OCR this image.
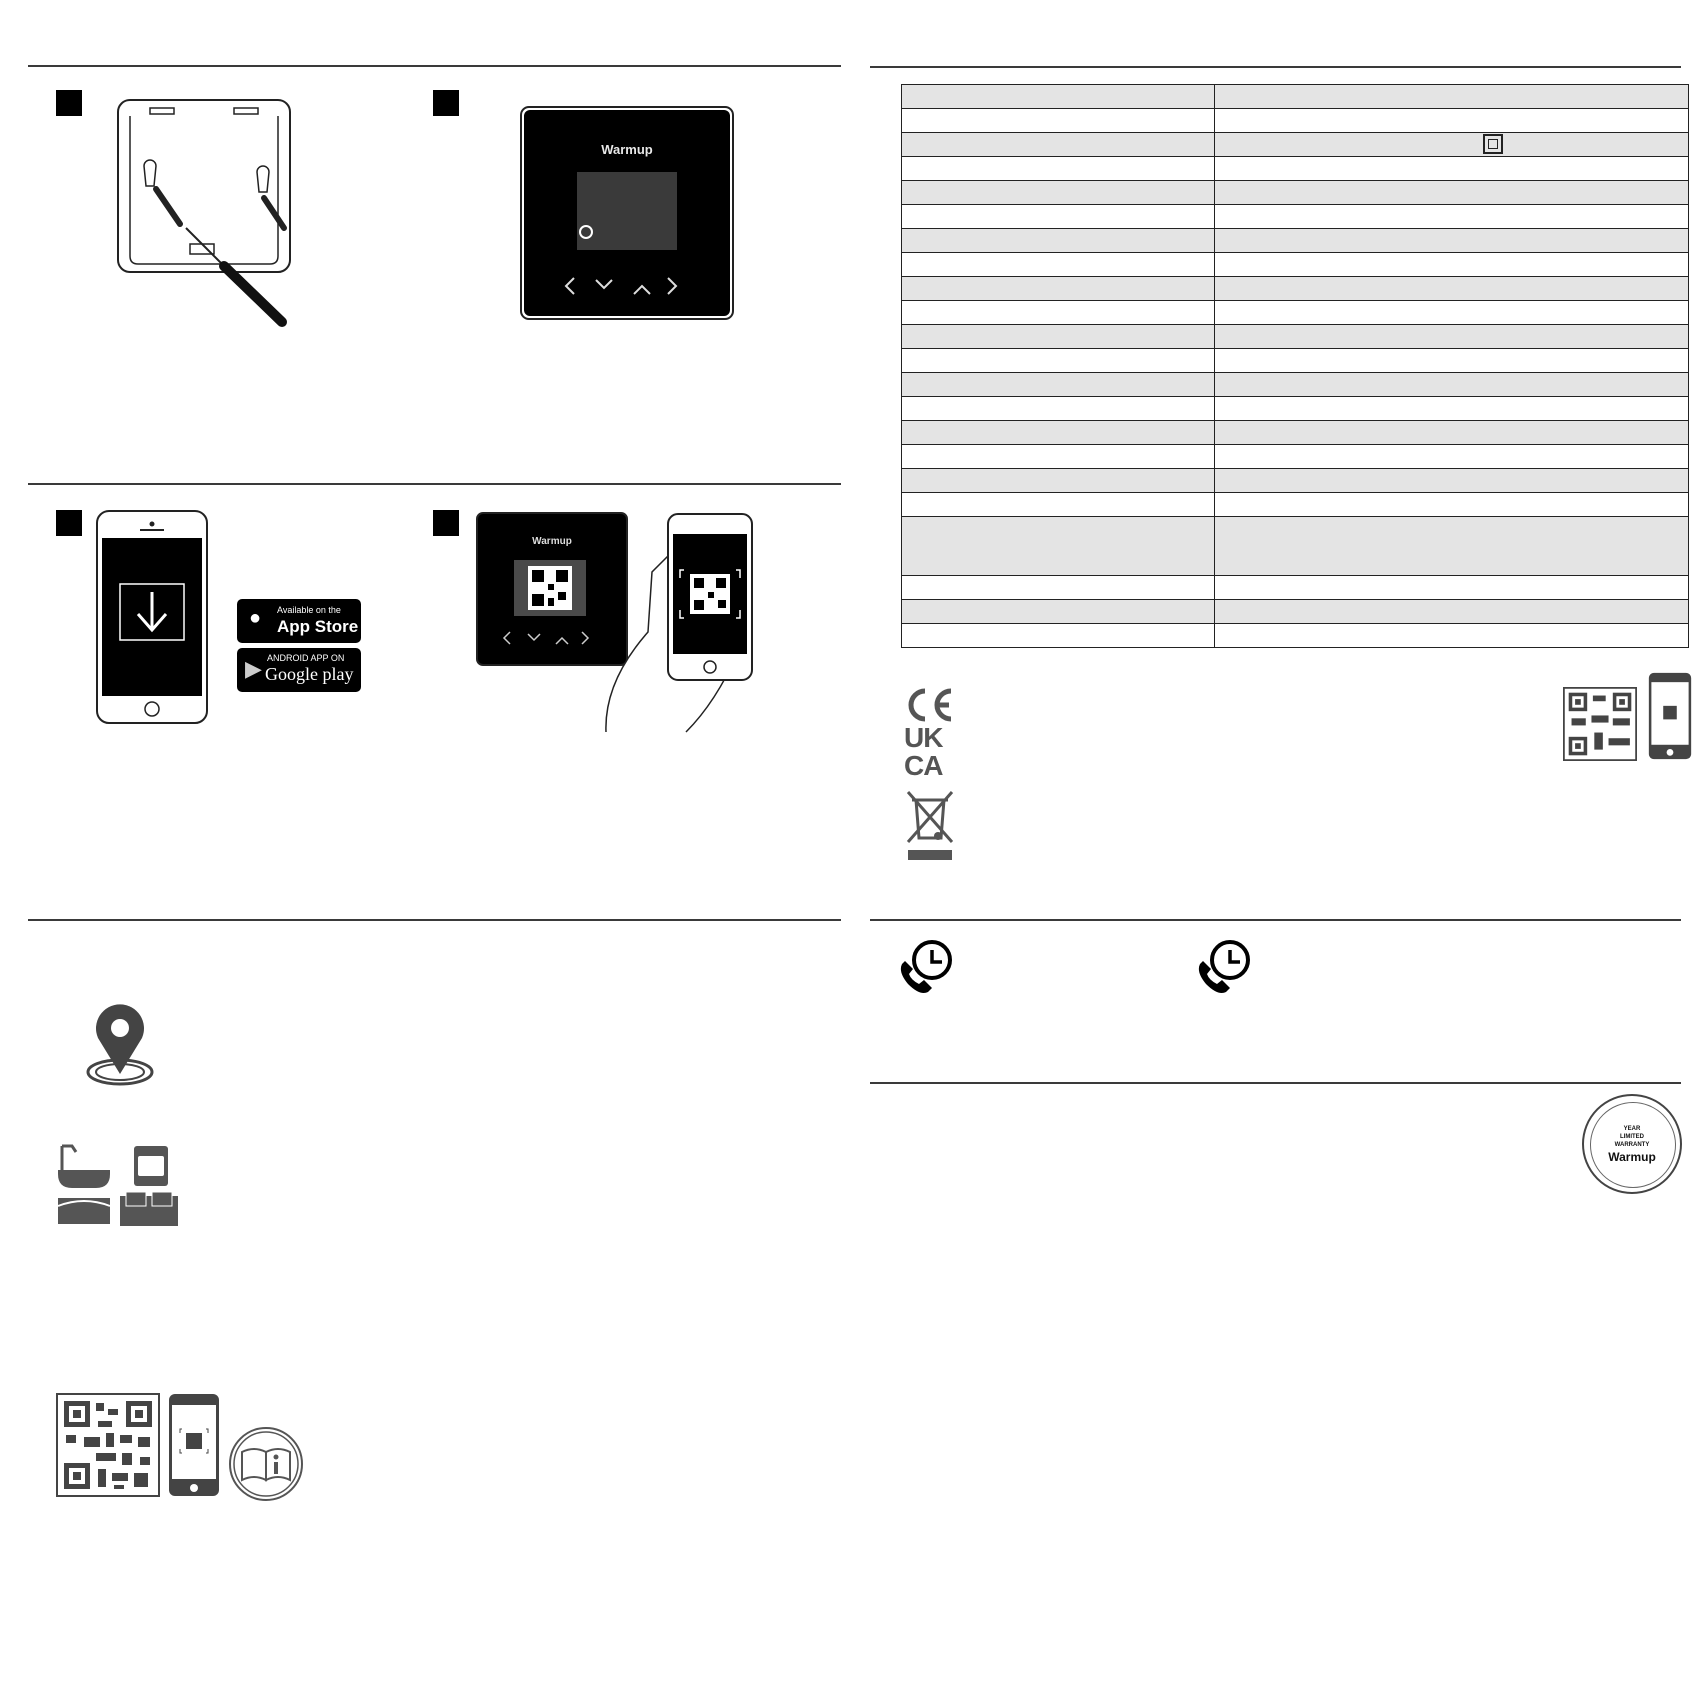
Warmup
● Available on the
App Store
▶ ANDROID APP ON
Google play
Warmup

UK
CA
YEAR
LIMITED
WARRANTY
Warmup
